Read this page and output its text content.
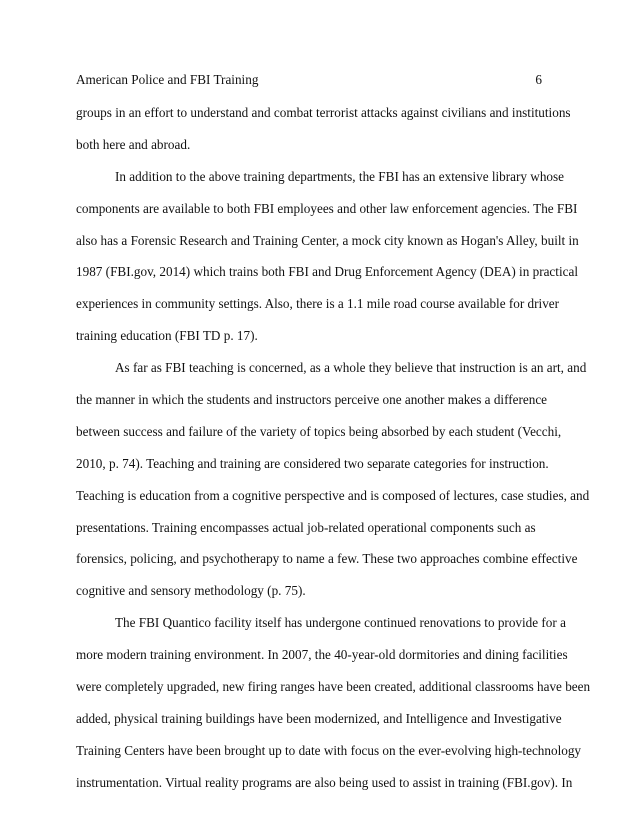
American Police and FBI Training	6
groups in an effort to understand and combat terrorist attacks against civilians and institutions
both here and abroad.
In addition to the above training departments, the FBI has an extensive library whose
components are available to both FBI employees and other law enforcement agencies. The FBI
also has a Forensic Research and Training Center, a mock city known as Hogan's Alley, built in
1987 (FBI.gov, 2014) which trains both FBI and Drug Enforcement Agency (DEA) in practical
experiences in community settings. Also, there is a 1.1 mile road course available for driver
training education (FBI TD p. 17).
As far as FBI teaching is concerned, as a whole they believe that instruction is an art, and
the manner in which the students and instructors perceive one another makes a difference
between success and failure of the variety of topics being absorbed by each student (Vecchi,
2010, p. 74). Teaching and training are considered two separate categories for instruction.
Teaching is education from a cognitive perspective and is composed of lectures, case studies, and
presentations. Training encompasses actual job-related operational components such as
forensics, policing, and psychotherapy to name a few. These two approaches combine effective
cognitive and sensory methodology (p. 75).
The FBI Quantico facility itself has undergone continued renovations to provide for a
more modern training environment. In 2007, the 40-year-old dormitories and dining facilities
were completely upgraded, new firing ranges have been created, additional classrooms have been
added, physical training buildings have been modernized, and Intelligence and Investigative
Training Centers have been brought up to date with focus on the ever-evolving high-technology
instrumentation. Virtual reality programs are also being used to assist in training (FBI.gov). In
